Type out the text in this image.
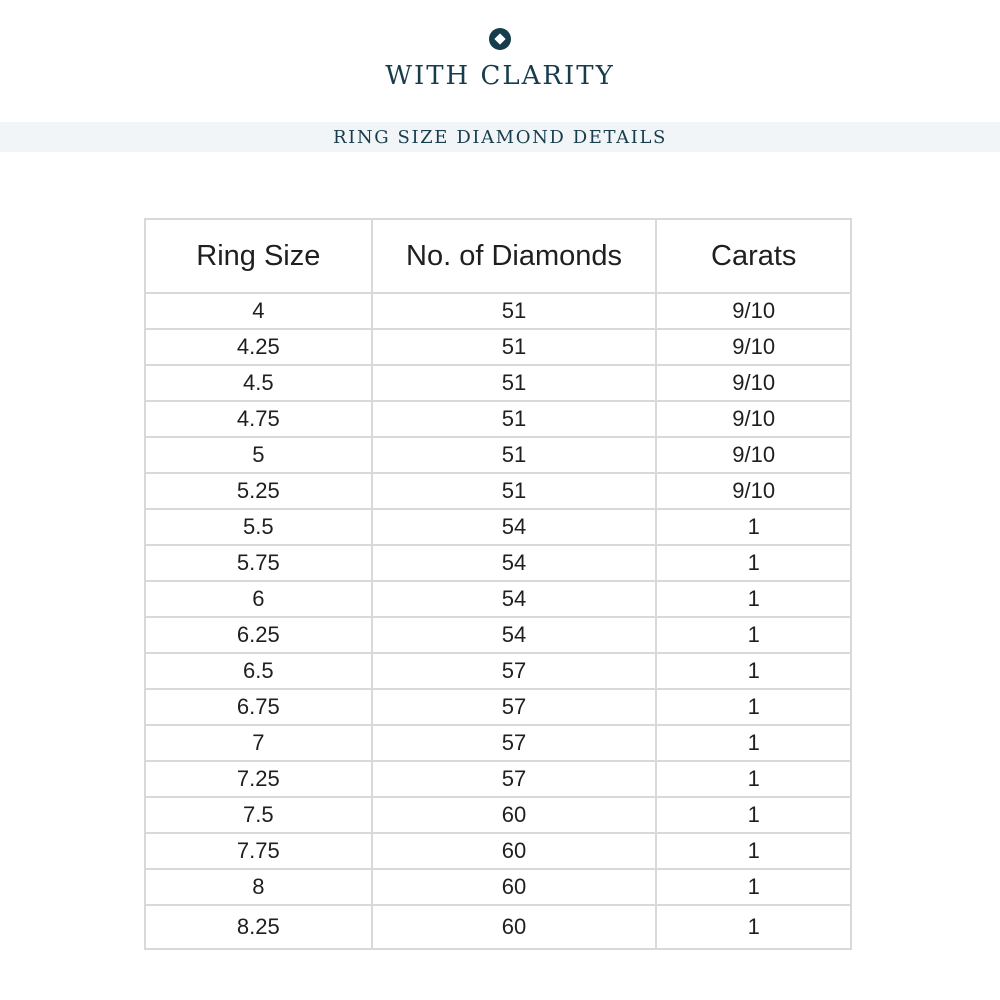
WITH CLARITY
RING SIZE DIAMOND DETAILS
Ring Size	No. of Diamonds	Carats
4	51	9/10
4.25	51	9/10
4.5	51	9/10
4.75	51	9/10
5	51	9/10
5.25	51	9/10
5.5	54	1
5.75	54	1
6	54	1
6.25	54	1
6.5	57	1
6.75	57	1
7	57	1
7.25	57	1
7.5	60	1
7.75	60	1
8	60	1
8.25	60	1
